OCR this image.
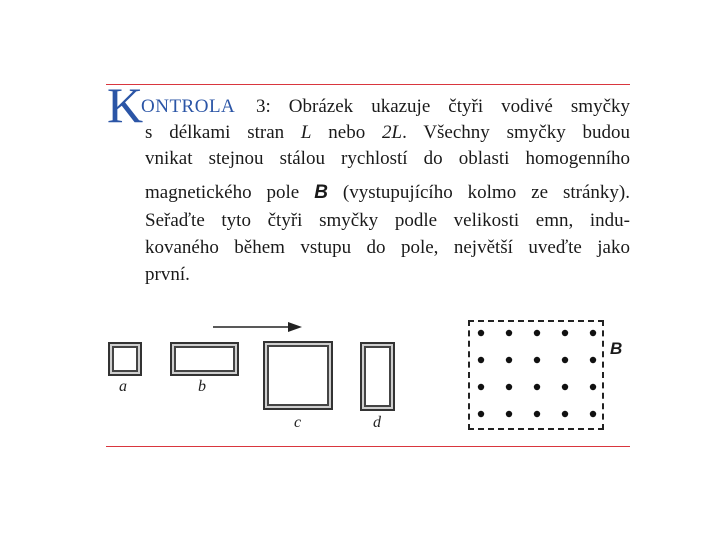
K
ONTROLA 3: Obrázek ukazuje čtyři vodivé smyčky
s délkami stran L nebo 2L. Všechny smyčky budou
vnikat stejnou stálou rychlostí do oblasti homogenního
magnetického pole B (vystupujícího kolmo ze stránky).
Seřaďte tyto čtyři smyčky podle velikosti emn, indu-
kovaného během vstupu do pole, největší uveďte jako
první.
a	b
c	d
B
